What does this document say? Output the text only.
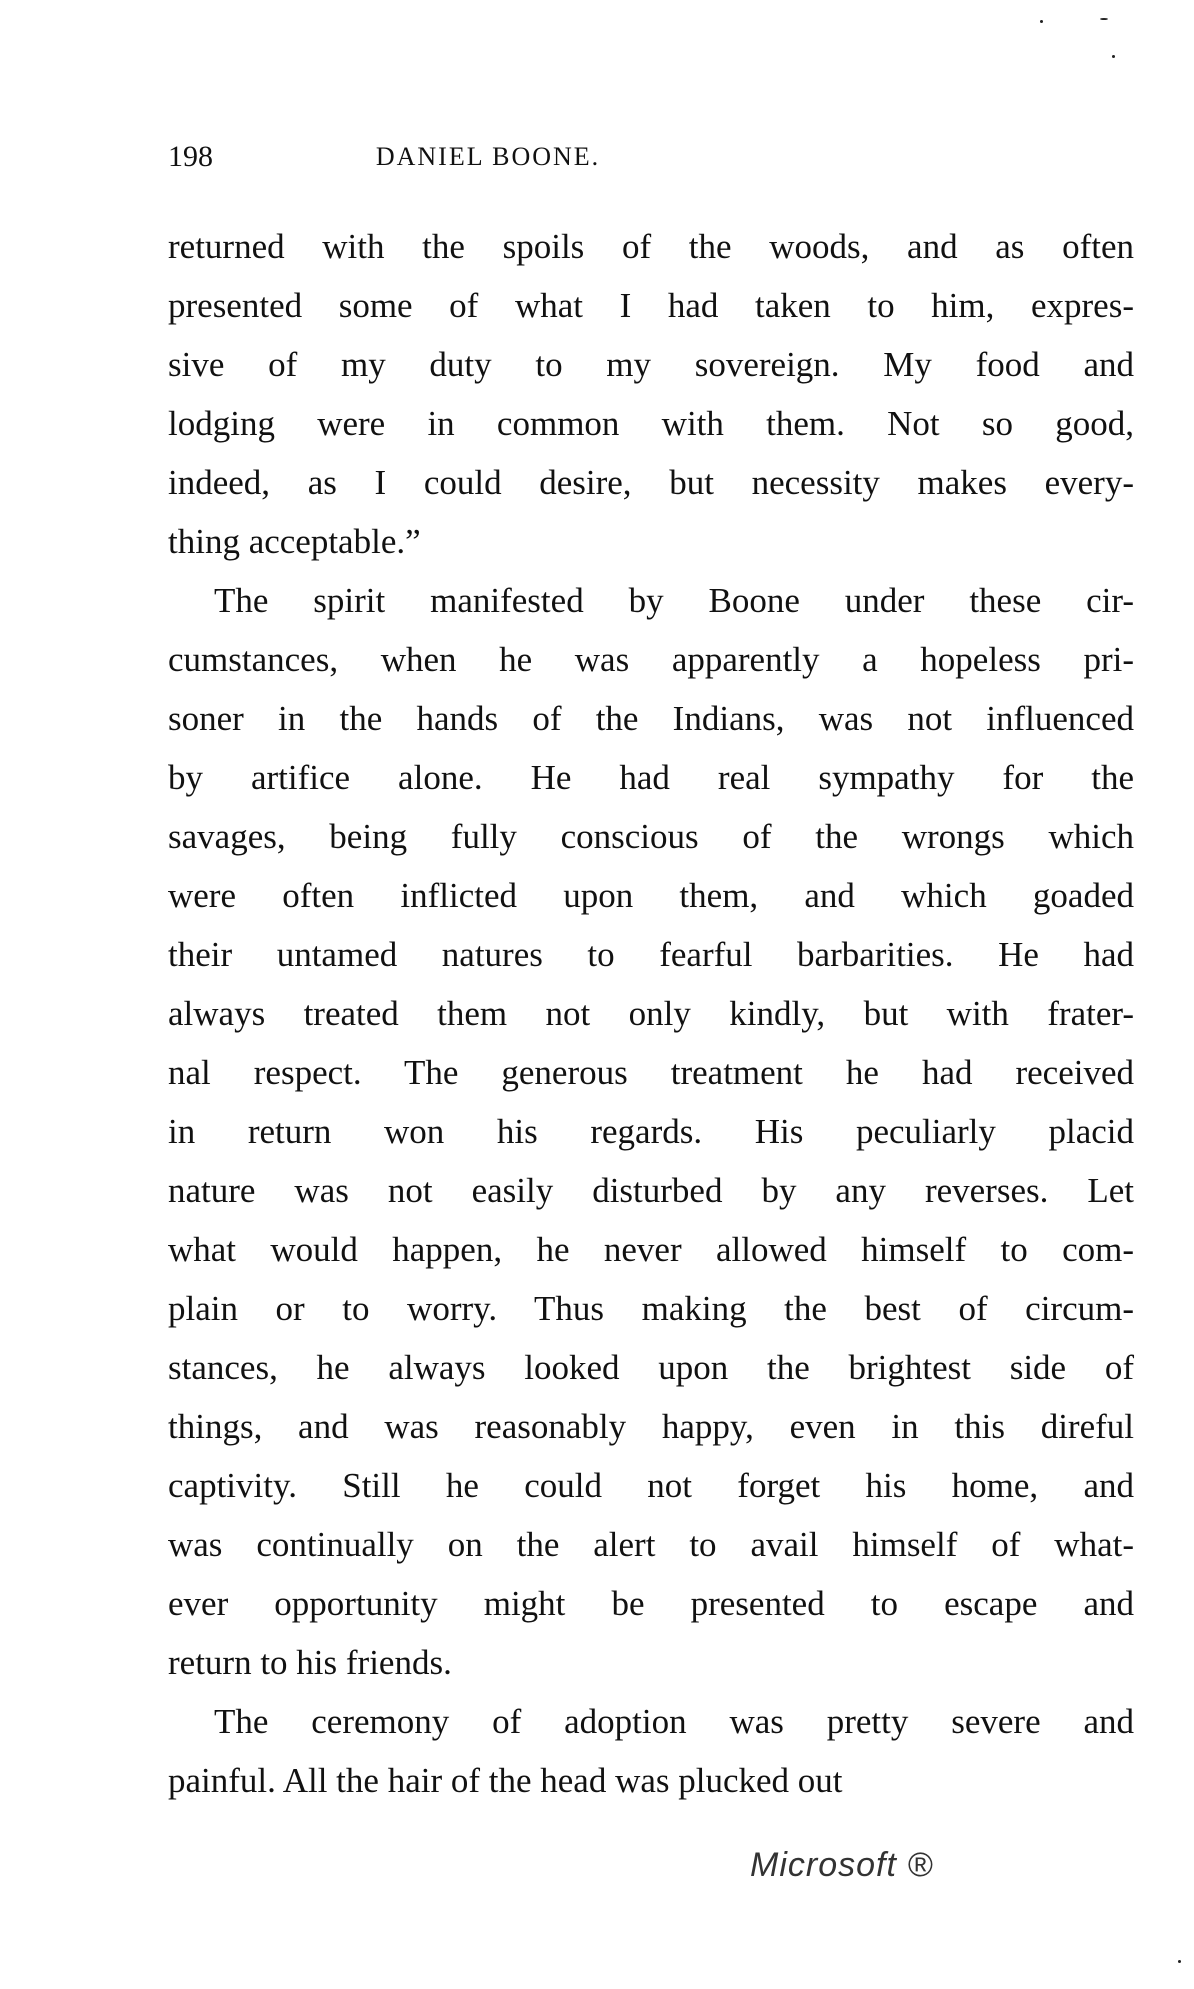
198	DANIEL BOONE.
returned with the spoils of the woods, and as often
presented some of what I had taken to him, expres-
sive of my duty to my sovereign. My food and
lodging were in common with them. Not so good,
indeed, as I could desire, but necessity makes every-
thing acceptable.”
The spirit manifested by Boone under these cir-
cumstances, when he was apparently a hopeless pri-
soner in the hands of the Indians, was not influenced
by artifice alone. He had real sympathy for the
savages, being fully conscious of the wrongs which
were often inflicted upon them, and which goaded
their untamed natures to fearful barbarities. He had
always treated them not only kindly, but with frater-
nal respect. The generous treatment he had received
in return won his regards. His peculiarly placid
nature was not easily disturbed by any reverses. Let
what would happen, he never allowed himself to com-
plain or to worry. Thus making the best of circum-
stances, he always looked upon the brightest side of
things, and was reasonably happy, even in this direful
captivity. Still he could not forget his home, and
was continually on the alert to avail himself of what-
ever opportunity might be presented to escape and
return to his friends.
The ceremony of adoption was pretty severe and
painful. All the hair of the head was plucked out
Microsoft ®
